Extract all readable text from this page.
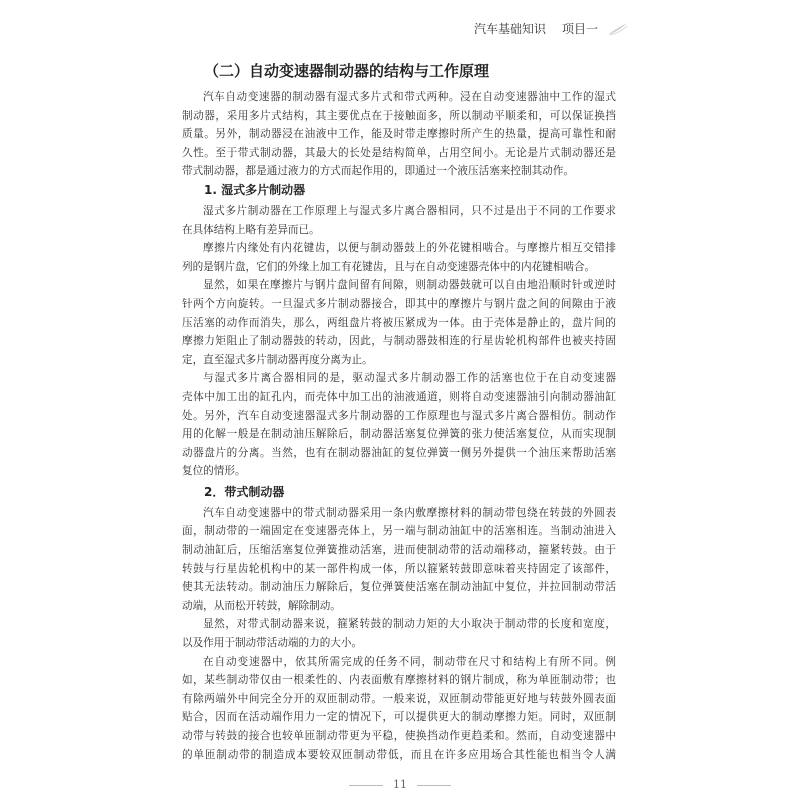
汽车基础知识 项目一
（二）自动变速器制动器的结构与工作原理
汽车自动变速器的制动器有湿式多片式和带式两种。浸在自动变速器油中工作的湿式
制动器，采用多片式结构，其主要优点在于接触面多，所以制动平顺柔和，可以保证换挡
质量。另外，制动器浸在油液中工作，能及时带走摩擦时所产生的热量，提高可靠性和耐
久性。至于带式制动器，其最大的长处是结构简单，占用空间小。无论是片式制动器还是
带式制动器，都是通过液力的方式而起作用的，即通过一个液压活塞来控制其动作。
1. 湿式多片制动器
湿式多片制动器在工作原理上与湿式多片离合器相同，只不过是出于不同的工作要求
在具体结构上略有差异而已。
摩擦片内缘处有内花键齿，以便与制动器鼓上的外花键相啮合。与摩擦片相互交错排
列的是钢片盘，它们的外缘上加工有花键齿，且与在自动变速器壳体中的内花键相啮合。
显然，如果在摩擦片与钢片盘间留有间隙，则制动器鼓就可以自由地沿顺时针或逆时
针两个方向旋转。一旦湿式多片制动器接合，即其中的摩擦片与钢片盘之间的间隙由于液
压活塞的动作而消失，那么，两组盘片将被压紧成为一体。由于壳体是静止的，盘片间的
摩擦力矩阻止了制动器鼓的转动，因此，与制动器鼓相连的行星齿轮机构部件也被夹持固
定，直至湿式多片制动器再度分离为止。
与湿式多片离合器相同的是，驱动湿式多片制动器工作的活塞也位于在自动变速器
壳体中加工出的缸孔内，而壳体中加工出的油液通道，则将自动变速器油引向制动器油缸
处。另外，汽车自动变速器湿式多片制动器的工作原理也与湿式多片离合器相仿。制动作
用的化解一般是在制动油压解除后，制动器活塞复位弹簧的张力使活塞复位，从而实现制
动器盘片的分离。当然，也有在制动器油缸的复位弹簧一侧另外提供一个油压来帮助活塞
复位的情形。
2．带式制动器
汽车自动变速器中的带式制动器采用一条内敷摩擦材料的制动带包绕在转鼓的外圆表
面，制动带的一端固定在变速器壳体上，另一端与制动油缸中的活塞相连。当制动油进入
制动油缸后，压缩活塞复位弹簧推动活塞，进而使制动带的活动端移动，箍紧转鼓。由于
转鼓与行星齿轮机构中的某一部件构成一体，所以箍紧转鼓即意味着夹持固定了该部件，
使其无法转动。制动油压力解除后，复位弹簧使活塞在制动油缸中复位，并拉回制动带活
动端，从而松开转鼓，解除制动。
显然，对带式制动器来说，箍紧转鼓的制动力矩的大小取决于制动带的长度和宽度，
以及作用于制动带活动端的力的大小。
在自动变速器中，依其所需完成的任务不同，制动带在尺寸和结构上有所不同。例
如，某些制动带仅由一根柔性的、内表面敷有摩擦材料的钢片制成，称为单匝制动带；也
有除两端外中间完全分开的双匝制动带。一般来说，双匝制动带能更好地与转鼓外圆表面
贴合，因而在活动端作用力一定的情况下，可以提供更大的制动摩擦力矩。同时，双匝制
动带与转鼓的接合也较单匝制动带更为平稳，使换挡动作更趋柔和。然而，自动变速器中
的单匝制动带的制造成本要较双匝制动带低，而且在许多应用场合其性能也相当令人满
11
